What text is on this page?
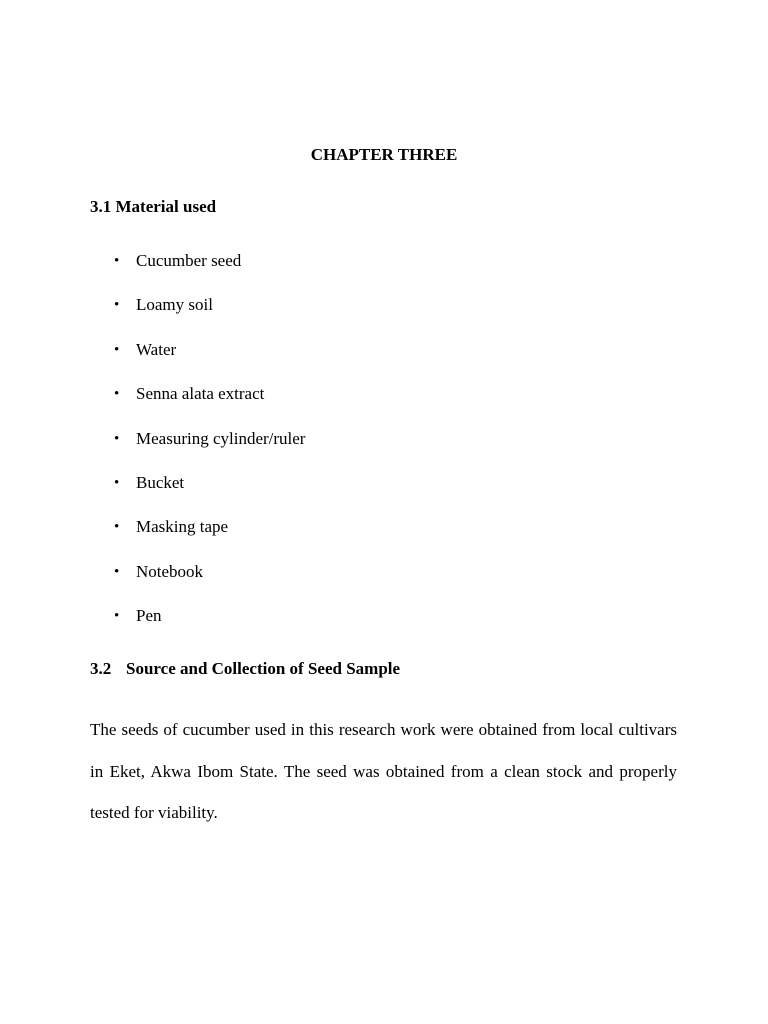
CHAPTER THREE
3.1 Material used
• Cucumber seed
• Loamy soil
• Water
• Senna alata extract
• Measuring cylinder/ruler
• Bucket
• Masking tape
• Notebook
• Pen
3.2 Source and Collection of Seed Sample

The seeds of cucumber used in this research work were obtained from local cultivars in Eket, Akwa Ibom State. The seed was obtained from a clean stock and properly tested for viability.
